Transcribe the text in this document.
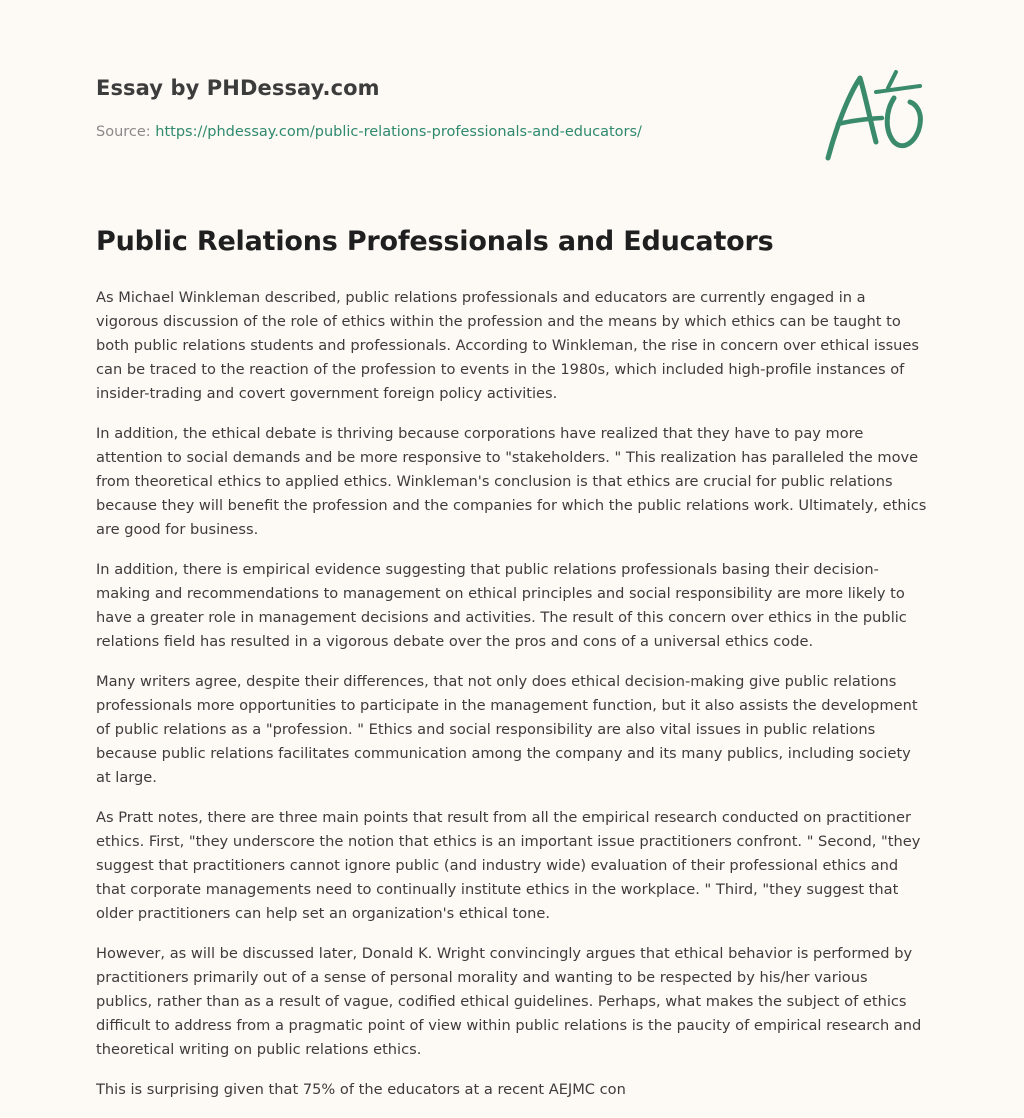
Essay by PHDessay.com
Source: https://phdessay.com/public-relations-professionals-and-educators/
Public Relations Professionals and Educators

As Michael Winkleman described, public relations professionals and educators are currently engaged in a vigorous discussion of the role of ethics within the profession and the means by which ethics can be taught to both public relations students and professionals. According to Winkleman, the rise in concern over ethical issues can be traced to the reaction of the profession to events in the 1980s, which included high-profile instances of insider-trading and covert government foreign policy activities.

In addition, the ethical debate is thriving because corporations have realized that they have to pay more attention to social demands and be more responsive to "stakeholders. " This realization has paralleled the move from theoretical ethics to applied ethics. Winkleman's conclusion is that ethics are crucial for public relations because they will benefit the profession and the companies for which the public relations work. Ultimately, ethics are good for business.

In addition, there is empirical evidence suggesting that public relations professionals basing their decision-making and recommendations to management on ethical principles and social responsibility are more likely to have a greater role in management decisions and activities. The result of this concern over ethics in the public relations field has resulted in a vigorous debate over the pros and cons of a universal ethics code.

Many writers agree, despite their differences, that not only does ethical decision-making give public relations professionals more opportunities to participate in the management function, but it also assists the development of public relations as a "profession. " Ethics and social responsibility are also vital issues in public relations because public relations facilitates communication among the company and its many publics, including society at large.

As Pratt notes, there are three main points that result from all the empirical research conducted on practitioner ethics. First, "they underscore the notion that ethics is an important issue practitioners confront. " Second, "they suggest that practitioners cannot ignore public (and industry wide) evaluation of their professional ethics and that corporate managements need to continually institute ethics in the workplace. " Third, "they suggest that older practitioners can help set an organization's ethical tone.

However, as will be discussed later, Donald K. Wright convincingly argues that ethical behavior is performed by practitioners primarily out of a sense of personal morality and wanting to be respected by his/her various publics, rather than as a result of vague, codified ethical guidelines. Perhaps, what makes the subject of ethics difficult to address from a pragmatic point of view within public relations is the paucity of empirical research and theoretical writing on public relations ethics.

This is surprising given that 75% of the educators at a recent AEJMC con
